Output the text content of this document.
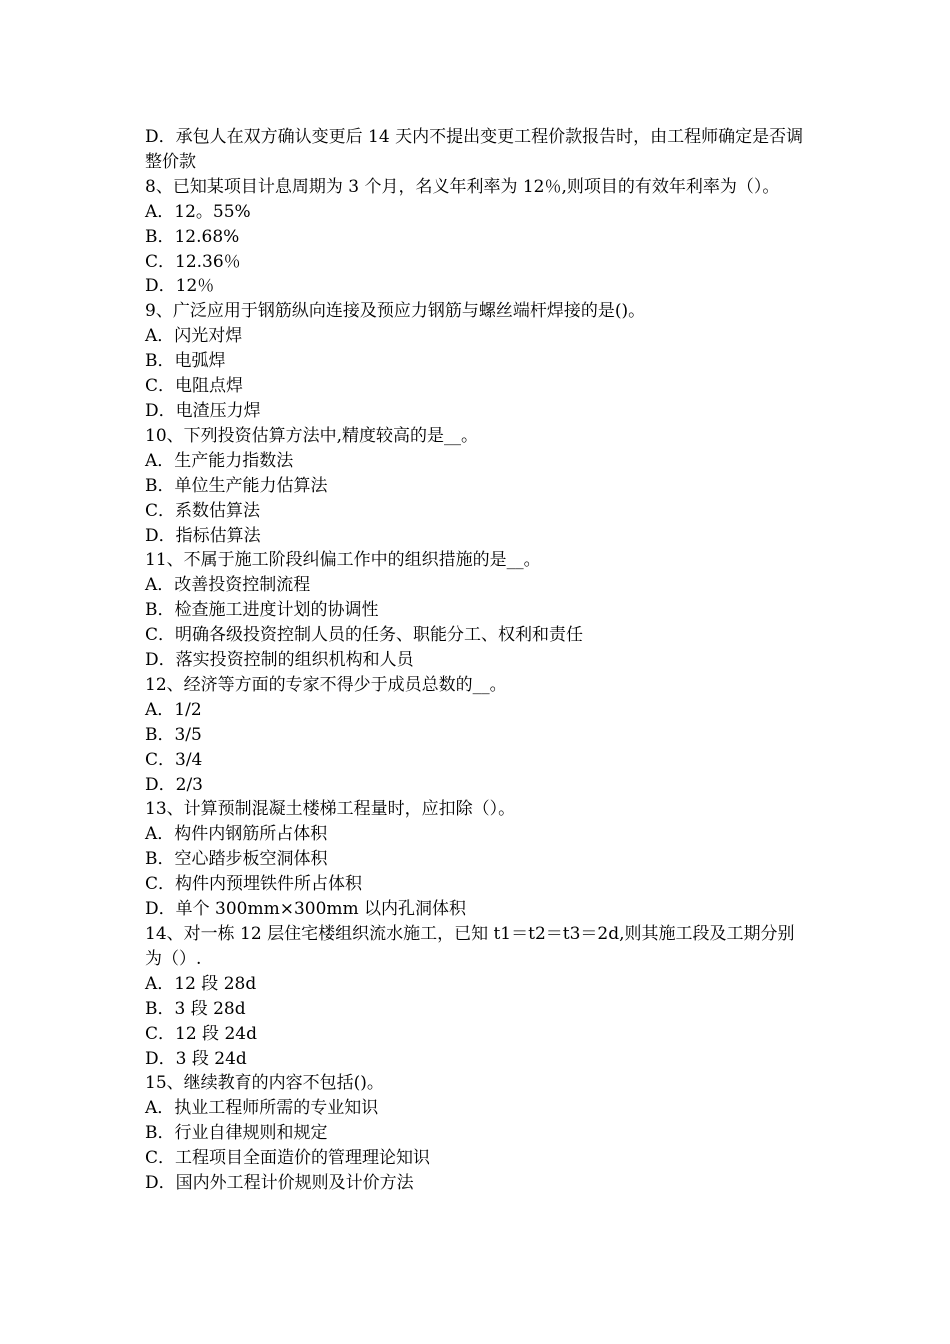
D．承包人在双方确认变更后 14 天内不提出变更工程价款报告时，由工程师确定是否调整价款
8、已知某项目计息周期为 3 个月，名义年利率为 12％,则项目的有效年利率为（）。
A．12。55%
B．12.68%
C．12.36％
D．12％
9、广泛应用于钢筋纵向连接及预应力钢筋与螺丝端杆焊接的是()。
A．闪光对焊
B．电弧焊
C．电阻点焊
D．电渣压力焊
10、下列投资估算方法中,精度较高的是__。
A．生产能力指数法
B．单位生产能力估算法
C．系数估算法
D．指标估算法
11、不属于施工阶段纠偏工作中的组织措施的是__。
A．改善投资控制流程
B．检查施工进度计划的协调性
C．明确各级投资控制人员的任务、职能分工、权利和责任
D．落实投资控制的组织机构和人员
12、经济等方面的专家不得少于成员总数的__。
A．1/2
B．3/5
C．3/4
D．2/3
13、计算预制混凝土楼梯工程量时，应扣除（）。
A．构件内钢筋所占体积
B．空心踏步板空洞体积
C．构件内预埋铁件所占体积
D．单个 300mm×300mm 以内孔洞体积
14、对一栋 12 层住宅楼组织流水施工，已知 t1＝t2＝t3＝2d,则其施工段及工期分别为（）.
A．12 段 28d
B．3 段 28d
C．12 段 24d
D．3 段 24d
15、继续教育的内容不包括()。
A．执业工程师所需的专业知识
B．行业自律规则和规定
C．工程项目全面造价的管理理论知识
D．国内外工程计价规则及计价方法
